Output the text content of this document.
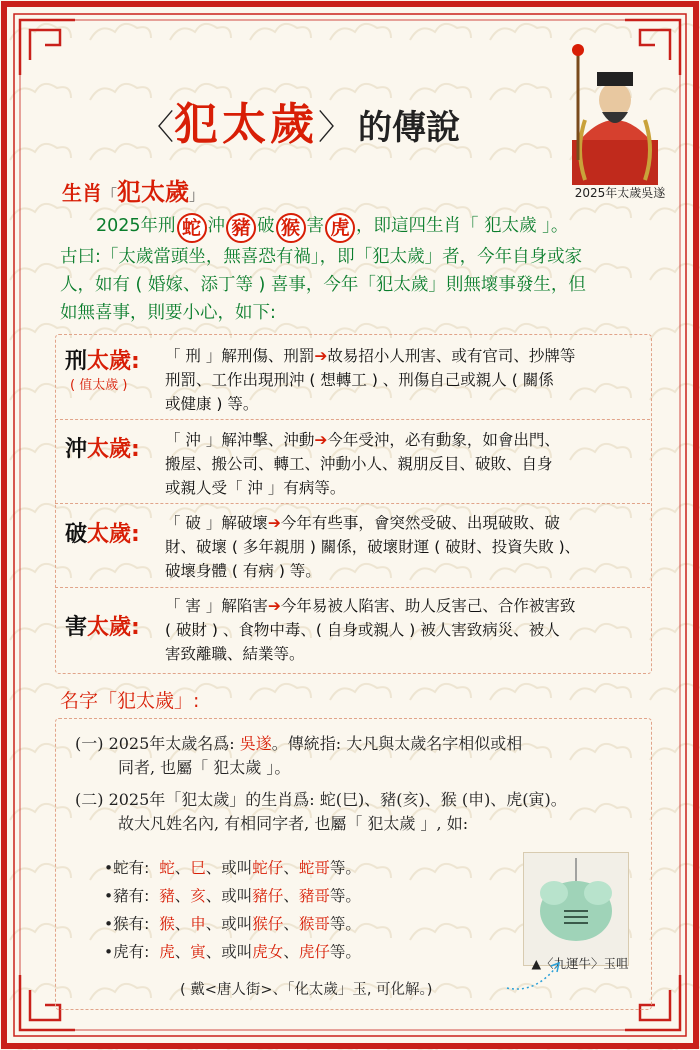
〈 犯太歲 〉 的傳說
2025年太歲吳遂
生肖「犯太歲」
2025年刑 蛇 沖 豬 破 猴 害 虎 ，即這四生肖「 犯太歲 」。
古曰:「太歲當頭坐，無喜恐有禍」，即「犯太歲」者，今年自身或家
人，如有 ( 婚嫁、添丁等 ) 喜事，今年「犯太歲」則無壞事發生，但
如無喜事，則要小心，如下:
刑太歲:
( 值太歲 )
「 刑 」解刑傷、刑罰➔故易招小人刑害、或有官司、抄牌等
刑罰、工作出現刑沖 ( 想轉工 ) 、刑傷自己或親人 ( 關係
或健康 ) 等。
沖太歲: 「 沖 」解沖擊、沖動➔今年受沖，必有動象，如會出門、
搬屋、搬公司、轉工、沖動小人、親朋反目、破敗、自身
或親人受「 沖 」有病等。
破太歲: 「 破 」解破壞➔今年有些事，會突然受破、出現破敗、破
財、破壞 ( 多年親朋 ) 關係，破壞財運 ( 破財、投資失敗 )、
破壞身體 ( 有病 ) 等。
害太歲:
「 害 」解陷害➔今年易被人陷害、助人反害己、合作被害致
( 破財 ) 、食物中毒、( 自身或親人 ) 被人害致病災、被人
害致離職、結業等。
名字「犯太歲」:
(一) 2025年太歲名爲: 吳遂。傳統指: 大凡與太歲名字相似或相
同者, 也屬「 犯太歲 」。
(二) 2025年「犯太歲」的生肖爲: 蛇(巳)、豬(亥)、猴 (申)、虎(寅)。
故大凡姓名內, 有相同字者, 也屬「 犯太歲 」, 如:
•蛇有: 蛇、巳、或叫蛇仔、蛇哥等。
•豬有: 豬、亥、或叫豬仔、豬哥等。
•猴有: 猴、申、或叫猴仔、猴哥等。
•虎有: 虎、寅、或叫虎女、虎仔等。
▲〈九運牛〉玉咀
( 戴<唐人街>、「化太歲」玉, 可化解。)
